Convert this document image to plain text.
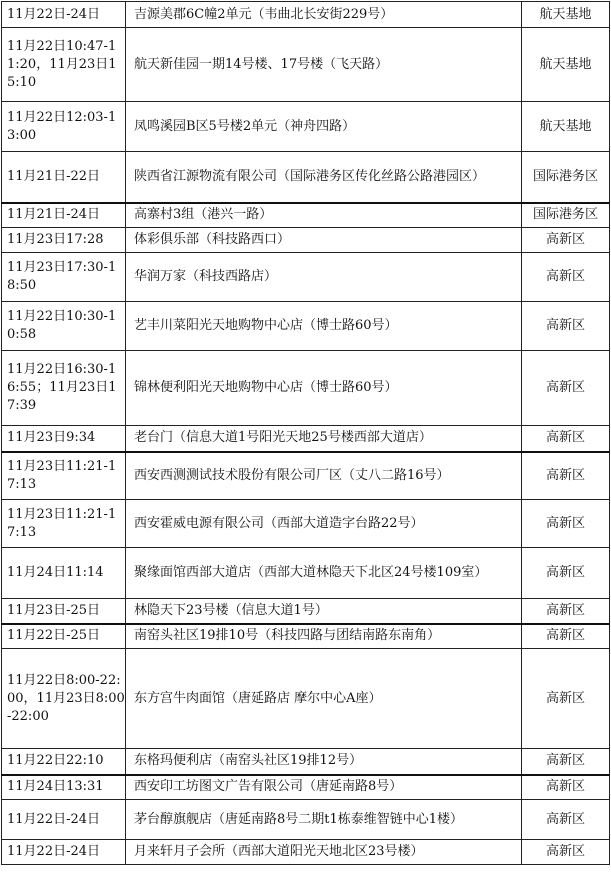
11月22日-24日	吉源美郡6C幢2单元（韦曲北长安街229号）	航天基地
11月22日10:47-11:20，11月23日15:10	航天新佳园一期14号楼、17号楼（飞天路）	航天基地
11月22日12:03-13:00	凤鸣溪园B区5号楼2单元（神舟四路）	航天基地
11月21日-22日	陕西省江源物流有限公司（国际港务区传化丝路公路港园区）	国际港务区
11月21日-24日	高寨村3组（港兴一路）	国际港务区
11月23日17:28	体彩俱乐部（科技路西口）	高新区
11月23日17:30-18:50	华润万家（科技西路店）	高新区
11月22日10:30-10:58	艺丰川菜阳光天地购物中心店（博士路60号）	高新区
11月22日16:30-16:55；11月23日17:39	锦林便利阳光天地购物中心店（博士路60号）	高新区
11月23日9:34	老台门（信息大道1号阳光天地25号楼西部大道店）	高新区
11月23日11:21-17:13	西安西测测试技术股份有限公司厂区（丈八二路16号）	高新区
11月23日11:21-17:13	西安霍威电源有限公司（西部大道造字台路22号）	高新区
11月24日11:14	聚缘面馆西部大道店（西部大道林隐天下北区24号楼109室）	高新区
11月23日-25日	林隐天下23号楼（信息大道1号）	高新区
11月22日-25日	南窑头社区19排10号（科技四路与团结南路东南角）	高新区
11月22日8:00-22:00，11月23日8:00-22:00	东方宫牛肉面馆（唐延路店 摩尔中心A座）	高新区
11月22日22:10	东格玛便利店（南窑头社区19排12号）	高新区
11月24日13:31	西安印工坊图文广告有限公司（唐延南路8号）	高新区
11月22日-24日	茅台醇旗舰店（唐延南路8号二期t1栋泰维智链中心1楼）	高新区
11月22日-24日	月来轩月子会所（西部大道阳光天地北区23号楼）	高新区
